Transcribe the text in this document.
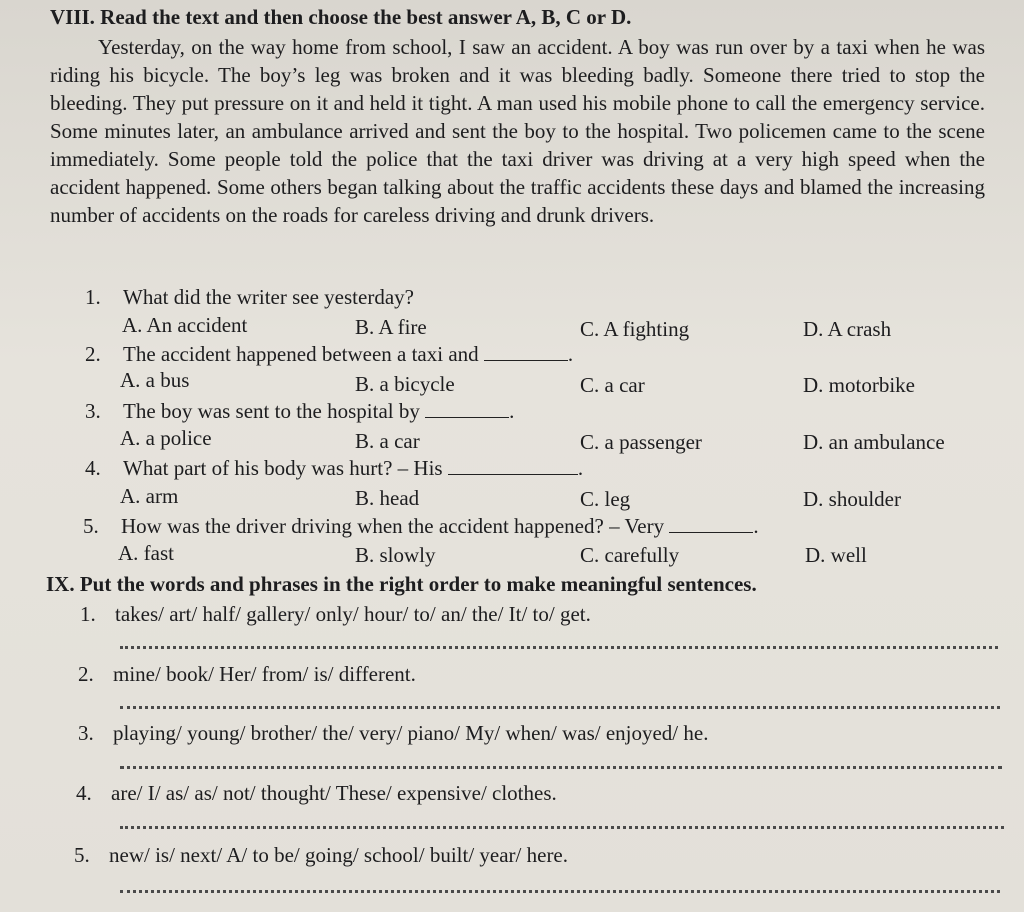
VIII. Read the text and then choose the best answer A, B, C or D.

Yesterday, on the way home from school, I saw an accident. A boy was run over by a taxi when he was riding his bicycle. The boy’s leg was broken and it was bleeding badly. Someone there tried to stop the bleeding. They put pressure on it and held it tight. A man used his mobile phone to call the emergency service. Some minutes later, an ambulance arrived and sent the boy to the hospital. Two policemen came to the scene immediately. Some people told the police that the taxi driver was driving at a very high speed when the accident happened. Some others began talking about the traffic accidents these days and blamed the increasing number of accidents on the roads for careless driving and drunk drivers.

1. What did the writer see yesterday?
A. An accident	B. A fire	C. A fighting	D. A crash
2. The accident happened between a taxi and	.
A. a bus	B. a bicycle	C. a car	D. motorbike
3. The boy was sent to the hospital by	.
A. a police	B. a car	C. a passenger	D. an ambulance
4. What part of his body was hurt? – His	.
A. arm	B. head	C. leg	D. shoulder
5. How was the driver driving when the accident happened? – Very	.
A. fast	B. slowly	C. carefully	D. well
IX. Put the words and phrases in the right order to make meaningful sentences.
1. takes/ art/ half/ gallery/ only/ hour/ to/ an/ the/ It/ to/ get.
2. mine/ book/ Her/ from/ is/ different.
3. playing/ young/ brother/ the/ very/ piano/ My/ when/ was/ enjoyed/ he.
4. are/ I/ as/ as/ not/ thought/ These/ expensive/ clothes.
5. new/ is/ next/ A/ to be/ going/ school/ built/ year/ here.
